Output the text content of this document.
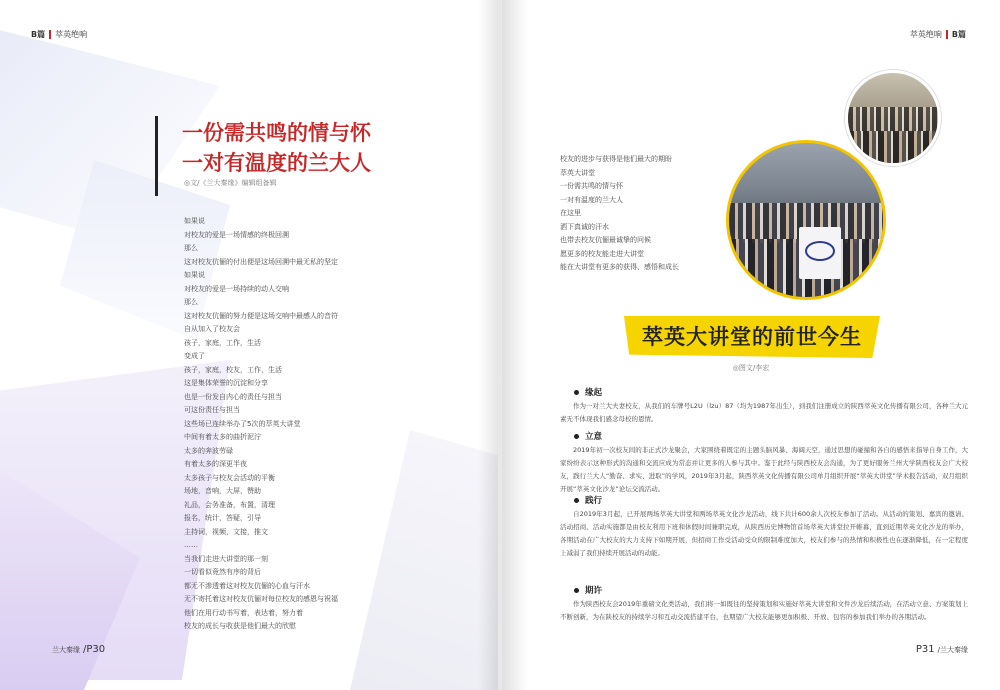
B篇 萃英绝响
一份需共鸣的情与怀
一对有温度的兰大人
◎文/《兰大秦缘》编辑组备辑
如果说
对校友的爱是一场情感的终极回溯
那么
这对校友伉俪的付出便是这场回溯中最无私的坚定
如果说
对校友的爱是一场持续的动人交响
那么
这对校友伉俪的努力便是这场交响中最感人的音符
自从加入了校友会
孩子，家庭，工作，生活
变成了
孩子，家庭，校友，工作，生活
这是集体荣誉的沉淀和分享
也是一份发自内心的责任与担当
可这份责任与担当
这些场已连续举办了5次的萃英大讲堂
中间有着太多的曲折泥泞
太多的奔波劳碌
有着太多的深更半夜
太多孩子与校友会活动的平衡
场地，音响，大屏，赞助
礼品，会务准备，布置，清理
报名，统计，答疑，引导
主持词，视频，文接，推文
……
当我们走进大讲堂的那一刻
一切看似竟然有序的背后
都无不渗透着这对校友伉俪的心血与汗水
无不寄托着这对校友伉俪对每位校友的感恩与祝福
他们在用行动书写着，表达着，努力着
校友的成长与收获是他们最大的欣慰
兰大秦缘 /P30
萃英绝响 B篇
校友的进步与获得是他们最大的期盼
萃英大讲堂
一份需共鸣的情与怀
一对有温度的兰大人
在这里
洒下真诚的汗水
也带去校友伉俪最诚挚的问候
愿更多的校友能走进大讲堂
能在大讲堂有更多的获得、感悟和成长
萃英大讲堂的前世今生
◎图文/李宏
缘起

作为一对兰大夫妻校友，从我们的车牌号L2U（lzu）87（均为1987年出生），到我们注册成立的陕西萃英文化传播有限公司，各种兰大元素无不体现我们感念母校的恩情。

立意

2019年初一次校友间的非正式沙龙聚会，大家围绕着既定的主题头脑风暴、海阔天空，通过思想的碰撞和各自的感悟来指导自身工作，大家纷纷表示这种形式的沟通和交流应成为常态并让更多的人参与其中。鉴于此经与陕西校友会沟通，为了更好服务兰州大学陕西校友会广大校友，践行兰大人“勤奋、求实、进取”的学风，2019年3月起，陕西萃英文化传播有限公司单月组织开展“萃英大讲堂”学术报告活动，双月组织开展“萃英文化沙龙”论坛交流活动。

践行

自2019年3月起，已开展两场萃英大讲堂和两场萃英文化沙龙活动，线下共计600余人次校友参加了活动。从活动的策划、嘉宾的邀请、活动招商、活动实施都是由校友利用下班和休假时间兼职完成，从陕西历史博物馆首场萃英大讲堂拉开帷幕，直到近期萃英文化沙龙的举办，各期活动在广大校友的大力支持下如期开展，但招商工作受活动受众的限制难度加大，校友们参与的热情和积极性也在逐渐降低，在一定程度上减弱了我们持续开展活动的动能。

期许

作为陕西校友会2019年重磅文化类活动，我们将一如既往的坚持策划和实施好萃英大讲堂和文件沙龙后续活动，在活动立意、方案策划上不断创新，为在陕校友的持续学习和互动交流搭建平台，也期望广大校友能够更加积极、开放、包容的参加我们举办的各期活动。

P31 /兰大秦缘
